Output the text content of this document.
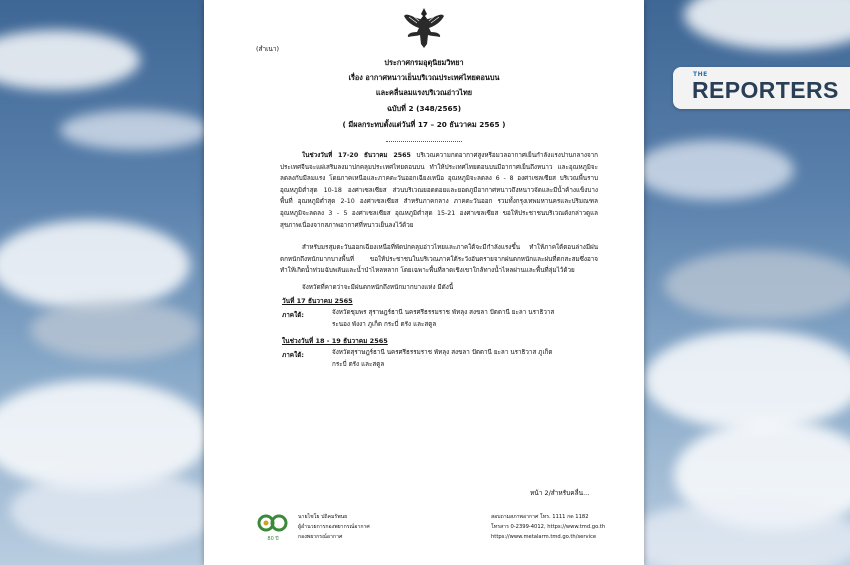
(สำเนา)
ประกาศกรมอุตุนิยมวิทยา
เรื่อง อากาศหนาวเย็นบริเวณประเทศไทยตอนบน
และคลื่นลมแรงบริเวณอ่าวไทย
ฉบับที่ 2 (348/2565)
( มีผลกระทบตั้งแต่วันที่ 17 – 20 ธันวาคม 2565 )
ในช่วงวันที่ 17-20 ธันวาคม 2565 บริเวณความกดอากาศสูงหรือมวลอากาศเย็นกำลังแรงปานกลางจากประเทศจีนจะแผ่เสริมลงมาปกคลุมประเทศไทยตอนบน ทำให้ประเทศไทยตอนบนมีอากาศเย็นถึงหนาว และอุณหภูมิจะลดลงกับมีลมแรง โดยภาคเหนือและภาคตะวันออกเฉียงเหนือ อุณหภูมิจะลดลง 6 - 8 องศาเซลเซียส บริเวณพื้นราบอุณหภูมิต่ำสุด 10-18 องศาเซลเซียส ส่วนบริเวณยอดดอยและยอดภูมีอากาศหนาวถึงหนาวจัดและมีน้ำค้างแข็งบางพื้นที่ อุณหภูมิต่ำสุด 2-10 องศาเซลเซียส สำหรับภาคกลาง ภาคตะวันออก รวมทั้งกรุงเทพมหานครและปริมณฑล อุณหภูมิจะลดลง 3 - 5 องศาเซลเซียส อุณหภูมิต่ำสุด 15-21 องศาเซลเซียส ขอให้ประชาชนบริเวณดังกล่าวดูแลสุขภาพเนื่องจากสภาพอากาศที่หนาวเย็นลงไว้ด้วย
สำหรับมรสุมตะวันออกเฉียงเหนือที่พัดปกคลุมอ่าวไทยและภาคใต้จะมีกำลังแรงขึ้น ทำให้ภาคใต้ตอนล่างมีฝนตกหนักถึงหนักมากบางพื้นที่ ขอให้ประชาชนในบริเวณภาคใต้ระวังอันตรายจากฝนตกหนักและฝนที่ตกสะสมซึ่งอาจทำให้เกิดน้ำท่วมฉับพลันและน้ำป่าไหลหลาก โดยเฉพาะพื้นที่ลาดเชิงเขาใกล้ทางน้ำไหลผ่านและพื้นที่ลุ่มไว้ด้วย
จังหวัดที่คาดว่าจะมีฝนตกหนักถึงหนักมากบางแห่ง มีดังนี้
วันที่ 17 ธันวาคม 2565
ภาคใต้:	จังหวัดชุมพร สุราษฎร์ธานี นครศรีธรรมราช พัทลุง สงขลา ปัตตานี ยะลา นราธิวาส
ระนอง พังงา ภูเก็ต กระบี่ ตรัง และสตูล
ในช่วงวันที่ 18 - 19 ธันวาคม 2565
ภาคใต้:	จังหวัดสุราษฎร์ธานี นครศรีธรรมราช พัทลุง สงขลา ปัตตานี ยะลา นราธิวาส ภูเก็ต
กระบี่ ตรัง และสตูล
หน้า 2/สำหรับคลื่น...
80 ปี
นายไชโย ปถิคมรัพนย
ผู้อำนวยการกองพยากรณ์อากาศ
กองพยากรณ์อากาศ
สอบถามสภาพอากาศ โทร. 1111 กด 1182
โทรสาร 0-2399-4012, https://www.tmd.go.th
https://www.metalarm.tmd.go.th/service
THE
REPORTERS
